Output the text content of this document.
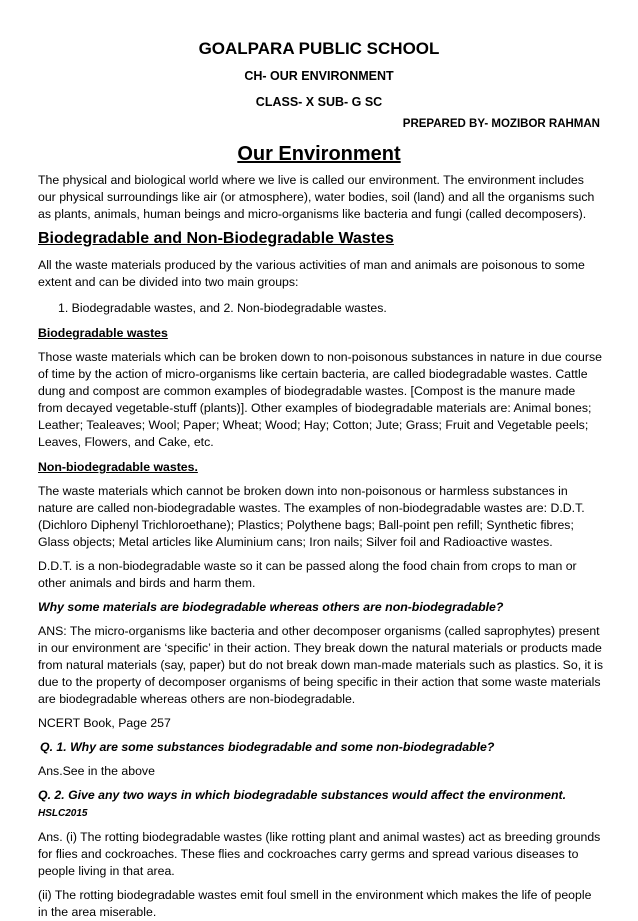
GOALPARA PUBLIC SCHOOL
CH- OUR ENVIRONMENT
CLASS- X SUB- G SC
PREPARED BY- MOZIBOR RAHMAN
Our Environment

The physical and biological world where we live is called our environment. The environment includes our physical surroundings like air (or atmosphere), water bodies, soil (land) and all the organisms such as plants, animals, human beings and micro-organisms like bacteria and fungi (called decomposers).

Biodegradable and Non-Biodegradable Wastes

All the waste materials produced by the various activities of man and animals are poisonous to some extent and can be divided into two main groups:

1. Biodegradable wastes, and 2. Non-biodegradable wastes.

Biodegradable wastes

Those waste materials which can be broken down to non-poisonous substances in nature in due course of time by the action of micro-organisms like certain bacteria, are called biodegradable wastes. Cattle dung and compost are common examples of biodegradable wastes. [Compost is the manure made from decayed vegetable-stuff (plants)]. Other examples of biodegradable materials are: Animal bones; Leather; Tealeaves; Wool; Paper; Wheat; Wood; Hay; Cotton; Jute; Grass; Fruit and Vegetable peels; Leaves, Flowers, and Cake, etc.

Non-biodegradable wastes.

The waste materials which cannot be broken down into non-poisonous or harmless substances in nature are called non-biodegradable wastes. The examples of non-biodegradable wastes are: D.D.T. (Dichloro Diphenyl Trichloroethane); Plastics; Polythene bags; Ball-point pen refill; Synthetic fibres; Glass objects; Metal articles like Aluminium cans; Iron nails; Silver foil and Radioactive wastes.

D.D.T. is a non-biodegradable waste so it can be passed along the food chain from crops to man or other animals and birds and harm them.

Why some materials are biodegradable whereas others are non-biodegradable?

ANS: The micro-organisms like bacteria and other decomposer organisms (called saprophytes) present in our environment are ‘specific’ in their action. They break down the natural materials or products made from natural materials (say, paper) but do not break down man-made materials such as plastics. So, it is due to the property of decomposer organisms of being specific in their action that some waste materials are biodegradable whereas others are non-biodegradable.

NCERT Book, Page 257

Q. 1. Why are some substances biodegradable and some non-biodegradable?

Ans.See in the above

Q. 2. Give any two ways in which biodegradable substances would affect the environment. HSLC2015

Ans. (i) The rotting biodegradable wastes (like rotting plant and animal wastes) act as breeding grounds for flies and cockroaches. These flies and cockroaches carry germs and spread various diseases to people living in that area.

(ii) The rotting biodegradable wastes emit foul smell in the environment which makes the life of people in the area miserable.
